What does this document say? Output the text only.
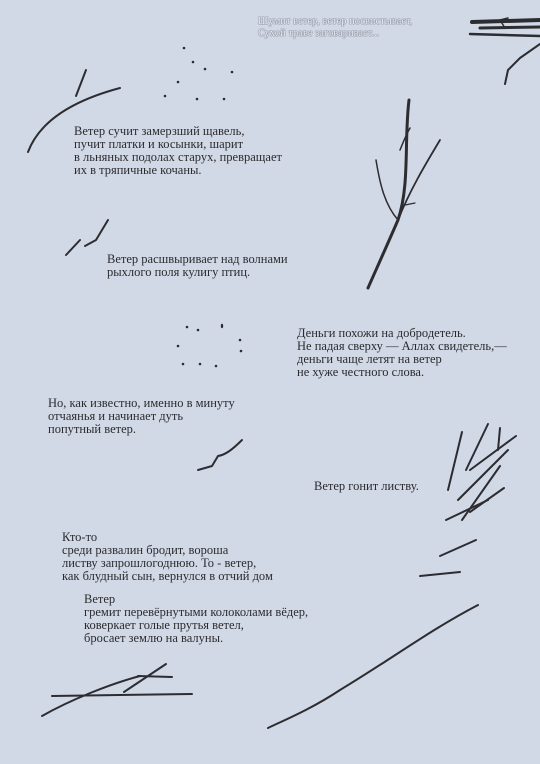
Шумит ветер, ветер посвистывает,
Сухой траве заговаривает...
Ветер сучит замерзший щавель,
пучит платки и косынки, шарит
в льняных подолах старух, превращает
их в тряпичные кочаны.
Ветер расшвыривает над волнами
рыхлого поля кулигу птиц.
Деньги похожи на добродетель.
Не падая сверху — Аллах свидетель,—
деньги чаще летят на ветер
не хуже честного слова.
Но, как известно, именно в минуту
отчаянья и начинает дуть
попутный ветер.
Ветер гонит листву.
Кто-то
среди развалин бродит, вороша
листву запрошлогоднюю. То - ветер,
как блудный сын, вернулся в отчий дом
Ветер
гремит перевёрнутыми колоколами вёдер,
коверкает голые прутья ветел,
бросает землю на валуны.
